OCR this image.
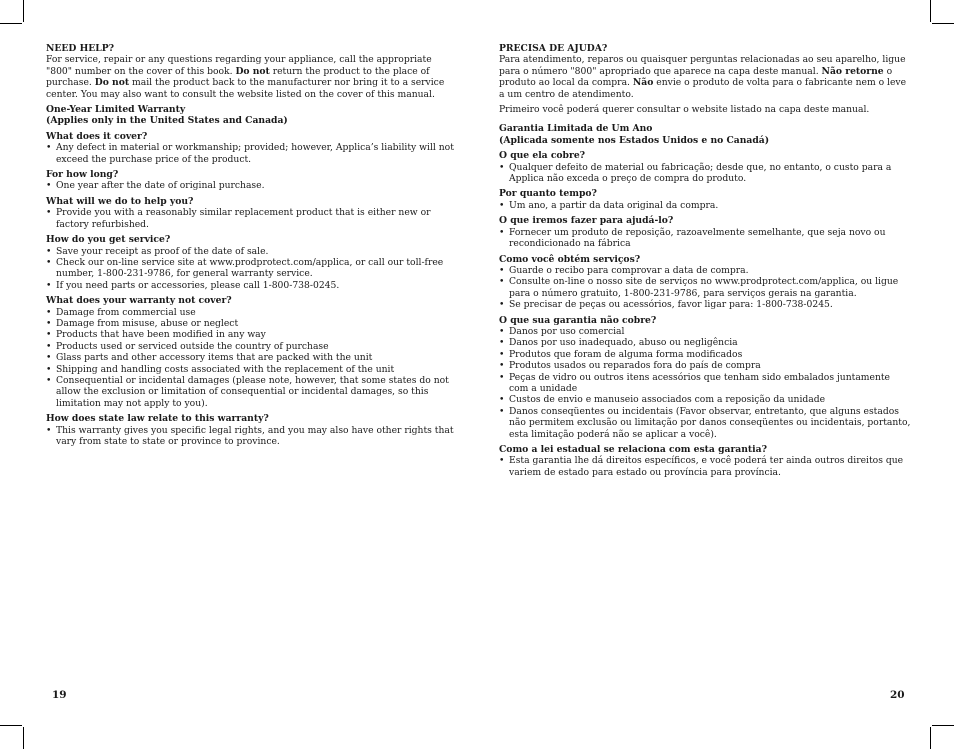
NEED HELP?

For service, repair or any questions regarding your appliance, call the appropriate "800" number on the cover of this book. Do not return the product to the place of purchase. Do not mail the product back to the manufacturer nor bring it to a service center. You may also want to consult the website listed on the cover of this manual.

One-Year Limited Warranty
(Applies only in the United States and Canada)
What does it cover?
• Any defect in material or workmanship; provided; however, Applica’s liability will not exceed the purchase price of the product.
For how long?
• One year after the date of original purchase.
What will we do to help you?
• Provide you with a reasonably similar replacement product that is either new or factory refurbished.
How do you get service?
• Save your receipt as proof of the date of sale.
• Check our on-line service site at www.prodprotect.com/applica, or call our toll-free number, 1-800-231-9786, for general warranty service.
• If you need parts or accessories, please call 1-800-738-0245.
What does your warranty not cover?
• Damage from commercial use
• Damage from misuse, abuse or neglect
• Products that have been modified in any way
• Products used or serviced outside the country of purchase
• Glass parts and other accessory items that are packed with the unit
• Shipping and handling costs associated with the replacement of the unit
• Consequential or incidental damages (please note, however, that some states do not allow the exclusion or limitation of consequential or incidental damages, so this limitation may not apply to you).
How does state law relate to this warranty?
• This warranty gives you specific legal rights, and you may also have other rights that vary from state to state or province to province.
PRECISA DE AJUDA?

Para atendimento, reparos ou quaisquer perguntas relacionadas ao seu aparelho, ligue para o número "800" apropriado que aparece na capa deste manual. Não retorne o produto ao local da compra. Não envie o produto de volta para o fabricante nem o leve a um centro de atendimento.

Primeiro você poderá querer consultar o website listado na capa deste manual.

Garantia Limitada de Um Ano
(Aplicada somente nos Estados Unidos e no Canadá)
O que ela cobre?
• Qualquer defeito de material ou fabricação; desde que, no entanto, o custo para a Applica não exceda o preço de compra do produto.
Por quanto tempo?
• Um ano, a partir da data original da compra.
O que iremos fazer para ajudá-lo?
• Fornecer um produto de reposição, razoavelmente semelhante, que seja novo ou recondicionado na fábrica
Como você obtém serviços?
• Guarde o recibo para comprovar a data de compra.
• Consulte on-line o nosso site de serviços no www.prodprotect.com/applica, ou ligue para o número gratuito, 1-800-231-9786, para serviços gerais na garantia.
• Se precisar de peças ou acessórios, favor ligar para: 1-800-738-0245.
O que sua garantia não cobre?
• Danos por uso comercial
• Danos por uso inadequado, abuso ou negligência
• Produtos que foram de alguma forma modificados
• Produtos usados ou reparados fora do país de compra
• Peças de vidro ou outros itens acessórios que tenham sido embalados juntamente com a unidade
• Custos de envio e manuseio associados com a reposição da unidade
• Danos conseqüentes ou incidentais (Favor observar, entretanto, que alguns estados não permitem exclusão ou limitação por danos conseqüentes ou incidentais, portanto, esta limitação poderá não se aplicar a você).
Como a lei estadual se relaciona com esta garantia?
• Esta garantia lhe dá direitos específicos, e você poderá ter ainda outros direitos que variem de estado para estado ou província para província.
19	20
